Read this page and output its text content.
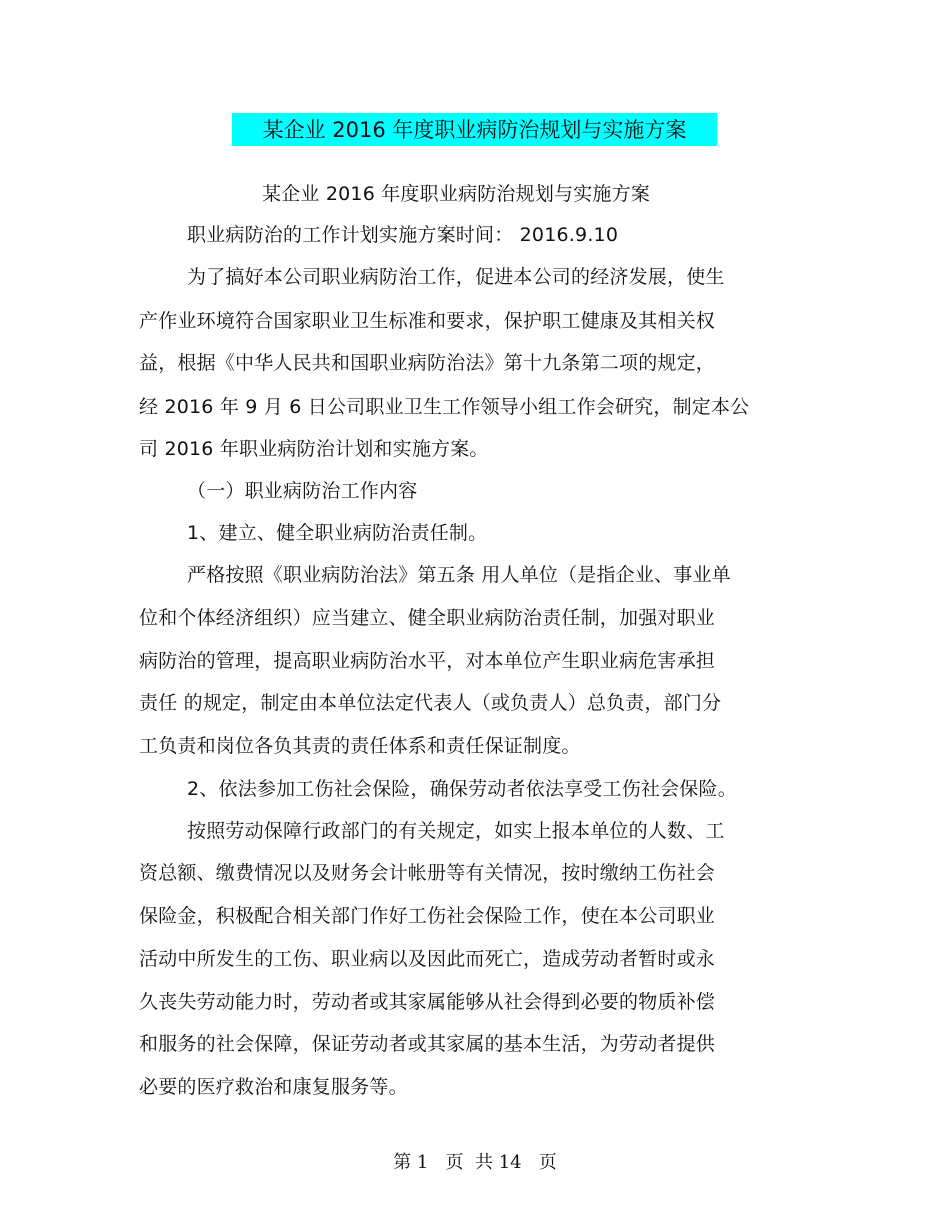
某企业 2016 年度职业病防治规划与实施方案
某企业 2016 年度职业病防治规划与实施方案
职业病防治的工作计划实施方案时间： 2016.9.10
为了搞好本公司职业病防治工作，促进本公司的经济发展，使生
产作业环境符合国家职业卫生标准和要求，保护职工健康及其相关权
益，根据《中华人民共和国职业病防治法》第十九条第二项的规定，
经 2016 年 9 月 6 日公司职业卫生工作领导小组工作会研究，制定本公
司 2016 年职业病防治计划和实施方案。
（一）职业病防治工作内容
1、建立、健全职业病防治责任制。
严格按照《职业病防治法》第五条 用人单位（是指企业、事业单
位和个体经济组织）应当建立、健全职业病防治责任制，加强对职业
病防治的管理，提高职业病防治水平，对本单位产生职业病危害承担
责任 的规定，制定由本单位法定代表人（或负责人）总负责，部门分
工负责和岗位各负其责的责任体系和责任保证制度。
2、依法参加工伤社会保险，确保劳动者依法享受工伤社会保险。
按照劳动保障行政部门的有关规定，如实上报本单位的人数、工
资总额、缴费情况以及财务会计帐册等有关情况，按时缴纳工伤社会
保险金，积极配合相关部门作好工伤社会保险工作，使在本公司职业
活动中所发生的工伤、职业病以及因此而死亡，造成劳动者暂时或永
久丧失劳动能力时，劳动者或其家属能够从社会得到必要的物质补偿
和服务的社会保障，保证劳动者或其家属的基本生活，为劳动者提供
必要的医疗救治和康复服务等。
第 1   页  共 14   页
